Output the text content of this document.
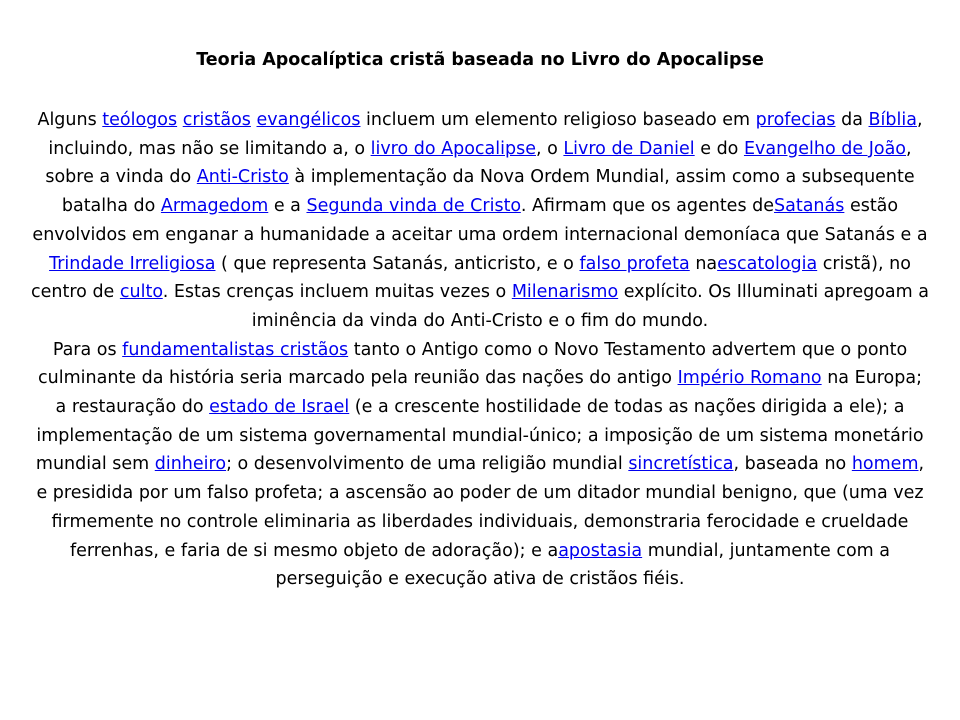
Teoria Apocalíptica cristã baseada no Livro do Apocalipse

Alguns teólogos cristãos evangélicos incluem um elemento religioso baseado em profecias da Bíblia, incluindo, mas não se limitando a, o livro do Apocalipse, o Livro de Daniel e do Evangelho de João, sobre a vinda do Anti-Cristo à implementação da Nova Ordem Mundial, assim como a subsequente batalha do Armagedom e a Segunda vinda de Cristo. Afirmam que os agentes deSatanás estão envolvidos em enganar a humanidade a aceitar uma ordem internacional demoníaca que Satanás e a Trindade Irreligiosa ( que representa Satanás, anticristo, e o falso profeta naescatologia cristã), no centro de culto. Estas crenças incluem muitas vezes o Milenarismo explícito. Os Illuminati apregoam a iminência da vinda do Anti-Cristo e o fim do mundo.

Para os fundamentalistas cristãos tanto o Antigo como o Novo Testamento advertem que o ponto culminante da história seria marcado pela reunião das nações do antigo Império Romano na Europa; a restauração do estado de Israel (e a crescente hostilidade de todas as nações dirigida a ele); a implementação de um sistema governamental mundial-único; a imposição de um sistema monetário mundial sem dinheiro; o desenvolvimento de uma religião mundial sincretística, baseada no homem, e presidida por um falso profeta; a ascensão ao poder de um ditador mundial benigno, que (uma vez firmemente no controle eliminaria as liberdades individuais, demonstraria ferocidade e crueldade ferrenhas, e faria de si mesmo objeto de adoração); e aapostasia mundial, juntamente com a perseguição e execução ativa de cristãos fiéis.
